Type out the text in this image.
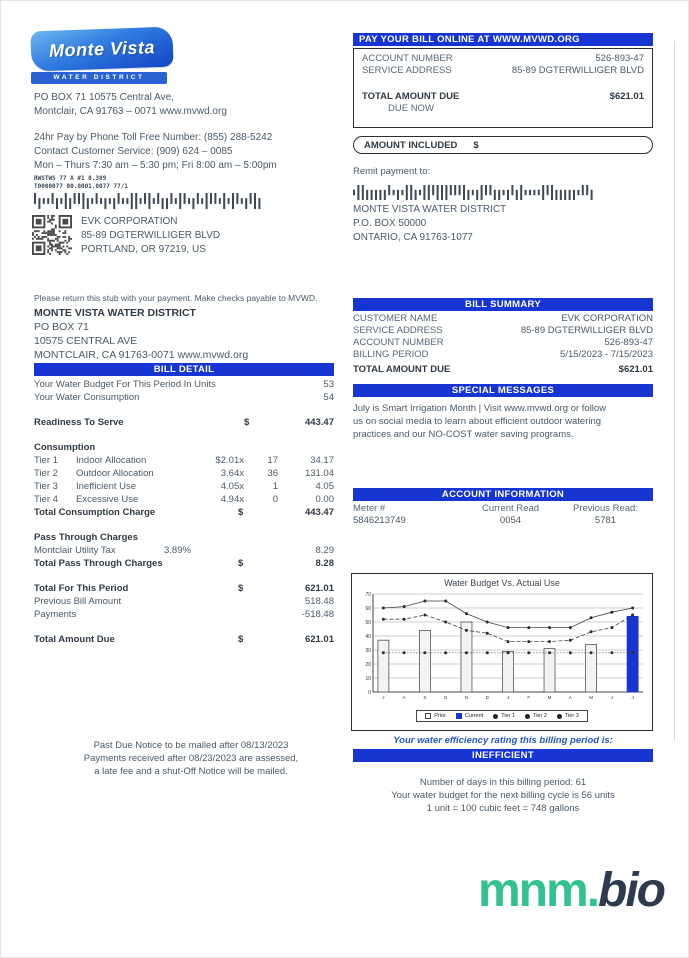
Monte Vista
WATER DISTRICT
PO BOX 71 10575 Central Ave,
Montclair, CA 91763 – 0071 www.mvwd.org
24hr Pay by Phone Toll Free Number: (855) 288-5242
Contact Customer Service: (909) 624 – 0085
Mon – Thurs 7:30 am – 5:30 pm; Fri 8:00 am – 5:00pm
RWSTWS 77 A #1 0.389
T0000077 00.0001.0077 77/1
EVK CORPORATION
85-89 DGTERWILLIGER BLVD
PORTLAND, OR 97219, US
Please return this stub with your payment. Make checks payable to MVWD.
MONTE VISTA WATER DISTRICT
PO BOX 71
10575 CENTRAL AVE
MONTCLAIR, CA 91763-0071 www.mvwd.org
BILL DETAIL
Your Water Budget For This Period In Units	53
Your Water Consumption	54
Readiness To Serve	$	443.47
Consumption
Tier 1	Indoor Allocation	$2.01x	17	34.17
Tier 2	Outdoor Allocation	3.64x	36	131.04
Tier 3	Inefficient Use	4.05x	1	4.05
Tier 4	Excessive Use	4.94x	0	0.00
Total Consumption Charge	$	443.47
Pass Through Charges
Montclair Utility Tax	3.89%	8.29
Total Pass Through Charges	$	8.28
Total For This Period	$	621.01
Previous Bill Amount	518.48
Payments	-518.48
Total Amount Due	$	621.01
Past Due Notice to be mailed after 08/13/2023
Payments received after 08/23/2023 are assessed,
a late fee and a shut-Off Notice will be mailed.
PAY YOUR BILL ONLINE AT WWW.MVWD.ORG
ACCOUNT NUMBER	526-893-47
SERVICE ADDRESS	85-89 DGTERWILLIGER BLVD
TOTAL AMOUNT DUE	$621.01
DUE NOW
AMOUNT INCLUDED $
Remit payment to:
MONTE VISTA WATER DISTRICT
P.O. BOX 50000
ONTARIO, CA 91763-1077
BILL SUMMARY
CUSTOMER NAME	EVK CORPORATION
SERVICE ADDRESS	85-89 DGTERWILLIGER BLVD
ACCOUNT NUMBER	526-893-47
BILLING PERIOD	5/15/2023 - 7/15/2023
TOTAL AMOUNT DUE	$621.01
SPECIAL MESSAGES
July is Smart Irrigation Month | Visit www.mvwd.org or follow us on social media to learn about efficient outdoor watering practices and our NO-COST water saving programs.
ACCOUNT INFORMATION
Meter #	Current Read	Previous Read:
5846213749	0054	5781
Water Budget Vs. Actual Use
0
10
20
30
40
50
60
70
J	A	S	O	N	D	J	F	M	A	M	J	J
Prior	Current	Tier 1	Tier 2	Tier 3
Your water efficiency rating this billing period is:
INEFFICIENT
Number of days in this billing period: 61
Your water budget for the next billing cycle is 56 units
1 unit = 100 cubic feet = 748 gallons
mnm.bio
